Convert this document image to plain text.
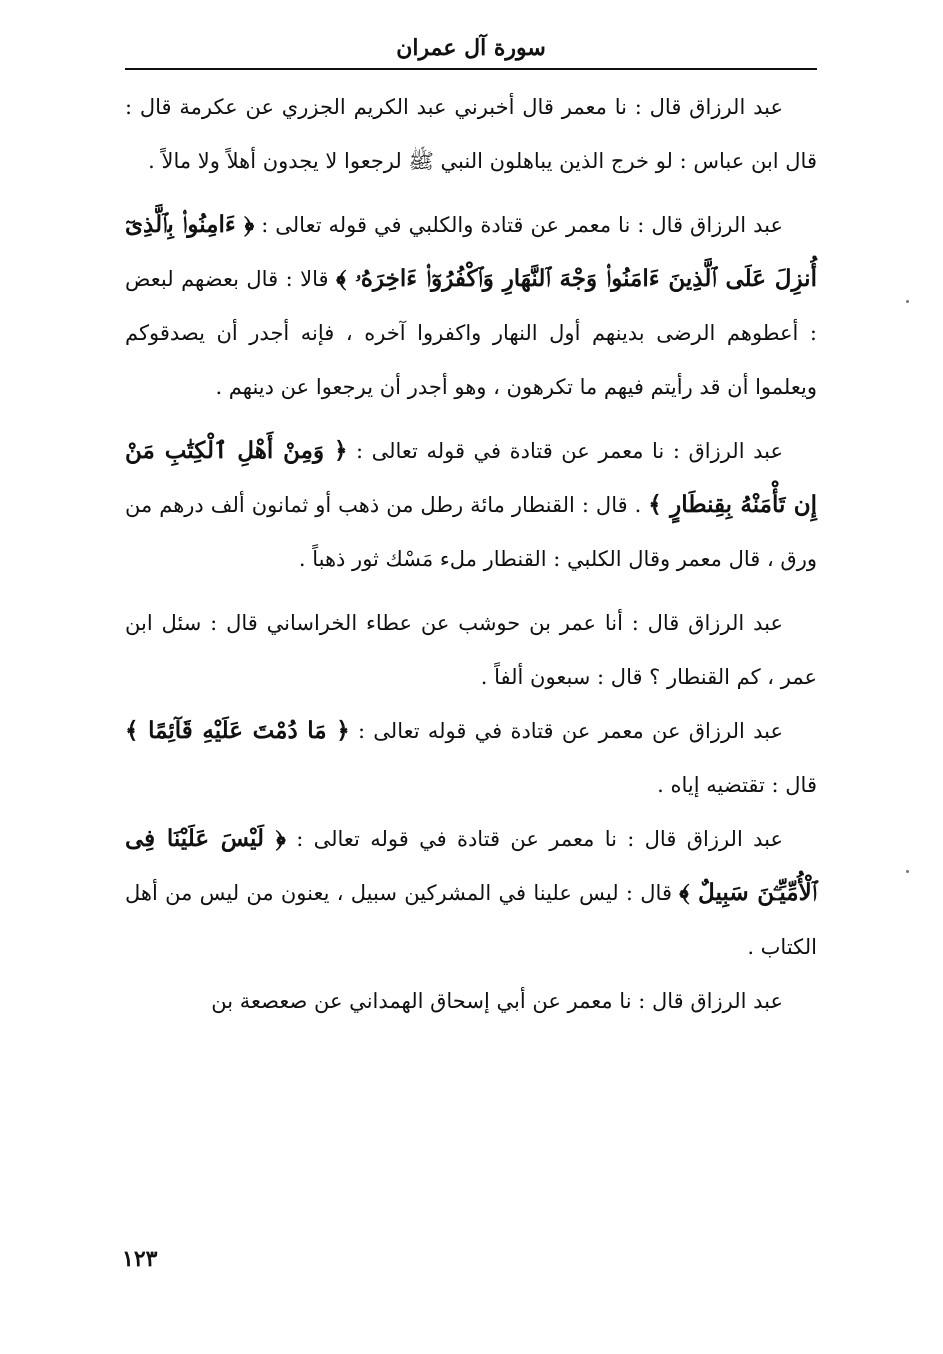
سورة آل عمران

عبد الرزاق قال : نا معمر قال أخبرني عبد الكريم الجزري عن عكرمة قال : قال ابن عباس : لو خرج الذين يباهلون النبي ﷺ لرجعوا لا يجدون أهلاً ولا مالاً .

عبد الرزاق قال : نا معمر عن قتادة والكلبي في قوله تعالى : ﴿ ءَامِنُوا۟ بِٱلَّذِىٓ أُنزِلَ عَلَى ٱلَّذِينَ ءَامَنُوا۟ وَجْهَ ٱلنَّهَارِ وَٱكْفُرُوٓا۟ ءَاخِرَهُۥ ﴾ قالا : قال بعضهم لبعض : أعطوهم الرضى بدينهم أول النهار واكفروا آخره ، فإنه أجدر أن يصدقوكم ويعلموا أن قد رأيتم فيهم ما تكرهون ، وهو أجدر أن يرجعوا عن دينهم .

عبد الرزاق : نا معمر عن قتادة في قوله تعالى : ﴿ وَمِنْ أَهْلِ ٱلْكِتَٰبِ مَنْ إِن تَأْمَنْهُ بِقِنطَارٍ ﴾ . قال : القنطار مائة رطل من ذهب أو ثمانون ألف درهم من ورق ، قال معمر وقال الكلبي : القنطار ملء مَسْك ثور ذهباً .

عبد الرزاق قال : أنا عمر بن حوشب عن عطاء الخراساني قال : سئل ابن عمر ، كم القنطار ؟ قال : سبعون ألفاً .

عبد الرزاق عن معمر عن قتادة في قوله تعالى : ﴿ مَا دُمْتَ عَلَيْهِ قَآئِمًا ﴾ قال : تقتضيه إياه .

عبد الرزاق قال : نا معمر عن قتادة في قوله تعالى : ﴿ لَيْسَ عَلَيْنَا فِى ٱلْأُمِّيِّـۧنَ سَبِيلٌ ﴾ قال : ليس علينا في المشركين سبيل ، يعنون من ليس من أهل الكتاب .

عبد الرزاق قال : نا معمر عن أبي إسحاق الهمداني عن صعصعة بن

١٢٣
